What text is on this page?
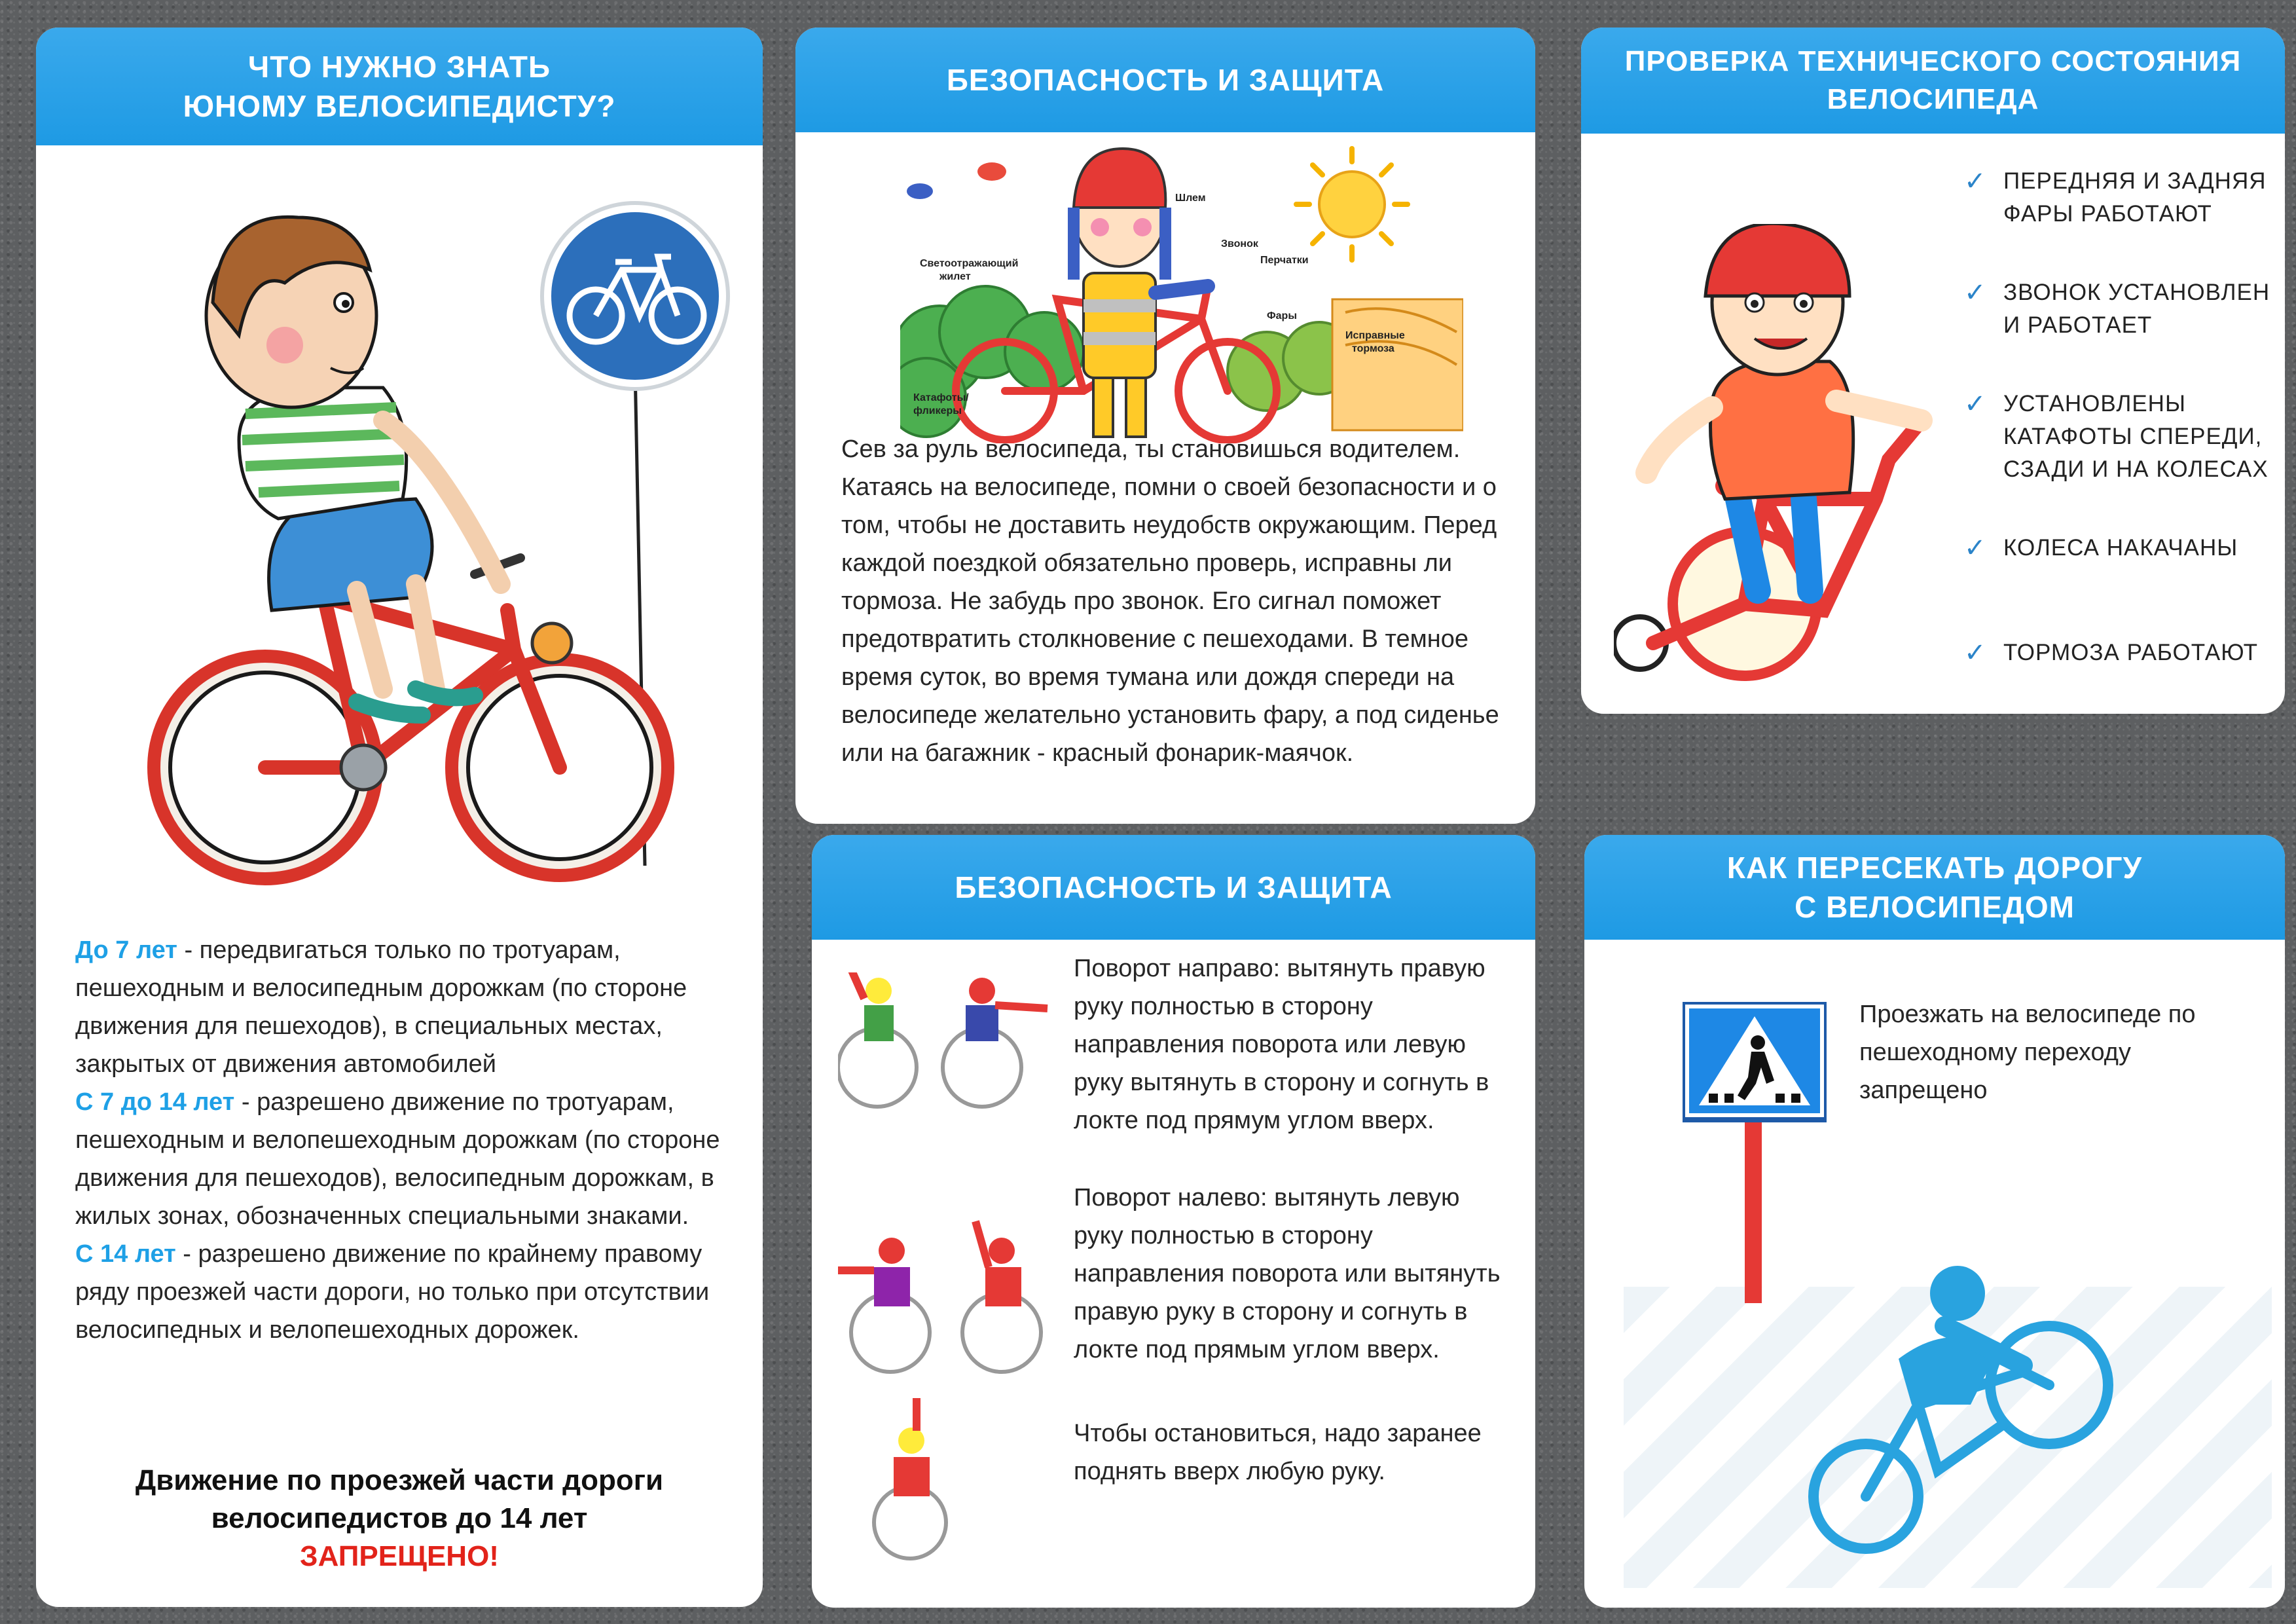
ЧТО НУЖНО ЗНАТЬ
ЮНОМУ ВЕЛОСИПЕДИСТУ?
До 7 лет - передвигаться только по тротуарам, пешеходным и велосипедным дорожкам (по стороне движения для пешеходов), в специальных местах, закрытых от движения автомобилей
С 7 до 14 лет - разрешено движение по тротуарам, пешеходным и велопешеходным дорожкам (по стороне движения для пешеходов), велосипедным дорожкам, в жилых зонах, обозначенных специальными знаками.
С 14 лет - разрешено движение по крайнему правому ряду проезжей части дороги, но только при отсутствии велосипедных и велопешеходных дорожек.
Движение по проезжей части дороги
велосипедистов до 14 лет
ЗАПРЕЩЕНО!
БЕЗОПАСНОСТЬ И ЗАЩИТА
Шлем
Звонок
Перчатки
Светоотражающий
жилет
Фары
Исправные
тормоза
Катафоты/
фликеры
Сев за руль велосипеда, ты становишься водителем. Катаясь на велосипеде, помни о своей безопасности и о том, чтобы не доставить неудобств окружающим. Перед каждой поездкой обязательно проверь, исправны ли тормоза. Не забудь про звонок. Его сигнал поможет предотвратить столкновение с пешеходами. В темное время суток, во время тумана или дождя спереди на велосипеде желательно установить фару, а под сиденье или на багажник - красный фонарик-маячок.
ПРОВЕРКА ТЕХНИЧЕСКОГО СОСТОЯНИЯ
ВЕЛОСИПЕДА
✓ ПЕРЕДНЯЯ И ЗАДНЯЯ ФАРЫ РАБОТАЮТ
✓ ЗВОНОК УСТАНОВЛЕН И РАБОТАЕТ
✓ УСТАНОВЛЕНЫ КАТАФОТЫ СПЕРЕДИ, СЗАДИ И НА КОЛЕСАХ
✓ КОЛЕСА НАКАЧАНЫ
✓ ТОРМОЗА РАБОТАЮТ
БЕЗОПАСНОСТЬ И ЗАЩИТА
Поворот направо: вытянуть правую руку полностью в сторону направления поворота или левую руку вытянуть в сторону и согнуть в локте под прямум углом вверх.
Поворот налево: вытянуть левую руку полностью в сторону направления поворота или вытянуть правую руку в сторону и согнуть в локте под прямым углом вверх.
Чтобы остановиться, надо заранее поднять вверх любую руку.
КАК ПЕРЕСЕКАТЬ ДОРОГУ
С ВЕЛОСИПЕДОМ
Проезжать на велосипеде по пешеходному переходу запрещено
